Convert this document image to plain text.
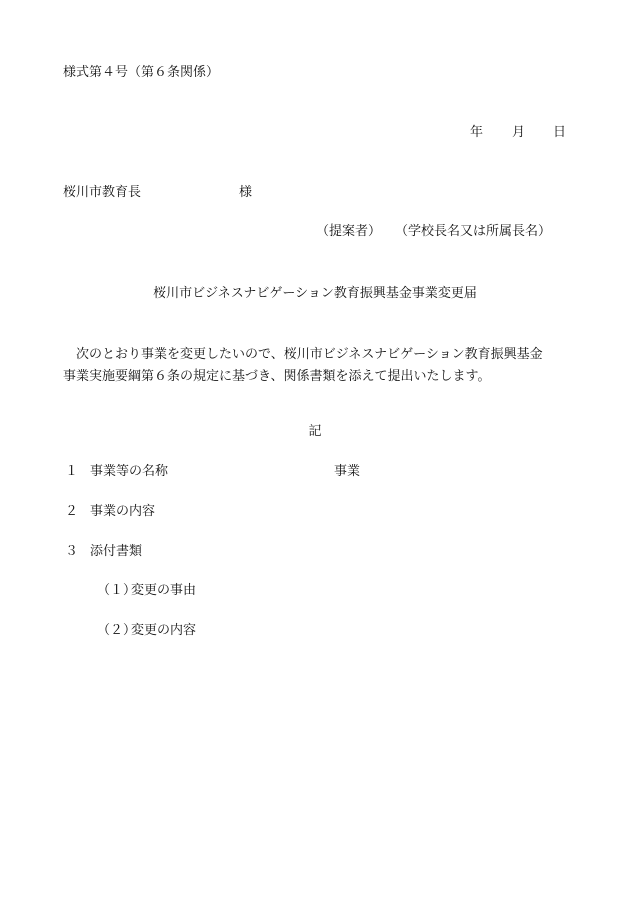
様式第４号（第６条関係）
年 月 日
桜川市教育長	様
（提案者） （学校長名又は所属長名）
桜川市ビジネスナビゲーション教育振興基金事業変更届
　次のとおり事業を変更したいので、桜川市ビジネスナビゲーション教育振興基金
事業実施要綱第６条の規定に基づき、関係書類を添えて提出いたします。
記
１ 事業等の名称	事業
２ 事業の内容
３ 添付書類
（１）
変更の事由
（２）
変更の内容
